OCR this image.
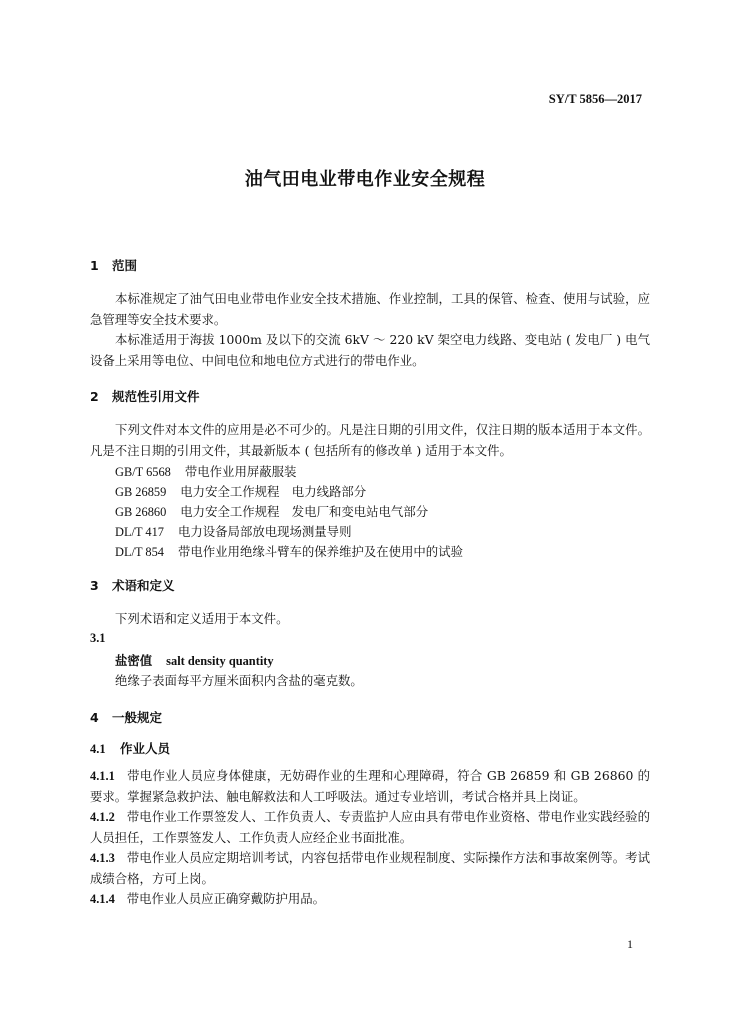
SY/T 5856—2017
油气田电业带电作业安全规程
1 范围

本标准规定了油气田电业带电作业安全技术措施、作业控制，工具的保管、检查、使用与试验，应急管理等安全技术要求。

本标准适用于海拔 1000m 及以下的交流 6kV ～ 220 kV 架空电力线路、变电站 ( 发电厂 ) 电气设备上采用等电位、中间电位和地电位方式进行的带电作业。

2 规范性引用文件

下列文件对本文件的应用是必不可少的。凡是注日期的引用文件，仅注日期的版本适用于本文件。凡是不注日期的引用文件，其最新版本 ( 包括所有的修改单 ) 适用于本文件。

GB/T 6568 带电作业用屏蔽服装
GB 26859 电力安全工作规程　电力线路部分
GB 26860 电力安全工作规程　发电厂和变电站电气部分
DL/T 417 电力设备局部放电现场测量导则
DL/T 854 带电作业用绝缘斗臂车的保养维护及在使用中的试验
3 术语和定义

下列术语和定义适用于本文件。

3.1
盐密值 salt density quantity
绝缘子表面每平方厘米面积内含盐的毫克数。
4 一般规定
4.1 作业人员

4.1.1 带电作业人员应身体健康，无妨碍作业的生理和心理障碍，符合 GB 26859 和 GB 26860 的要求。掌握紧急救护法、触电解救法和人工呼吸法。通过专业培训，考试合格并具上岗证。

4.1.2 带电作业工作票签发人、工作负责人、专责监护人应由具有带电作业资格、带电作业实践经验的人员担任，工作票签发人、工作负责人应经企业书面批准。

4.1.3 带电作业人员应定期培训考试，内容包括带电作业规程制度、实际操作方法和事故案例等。考试成绩合格，方可上岗。

4.1.4 带电作业人员应正确穿戴防护用品。

1
